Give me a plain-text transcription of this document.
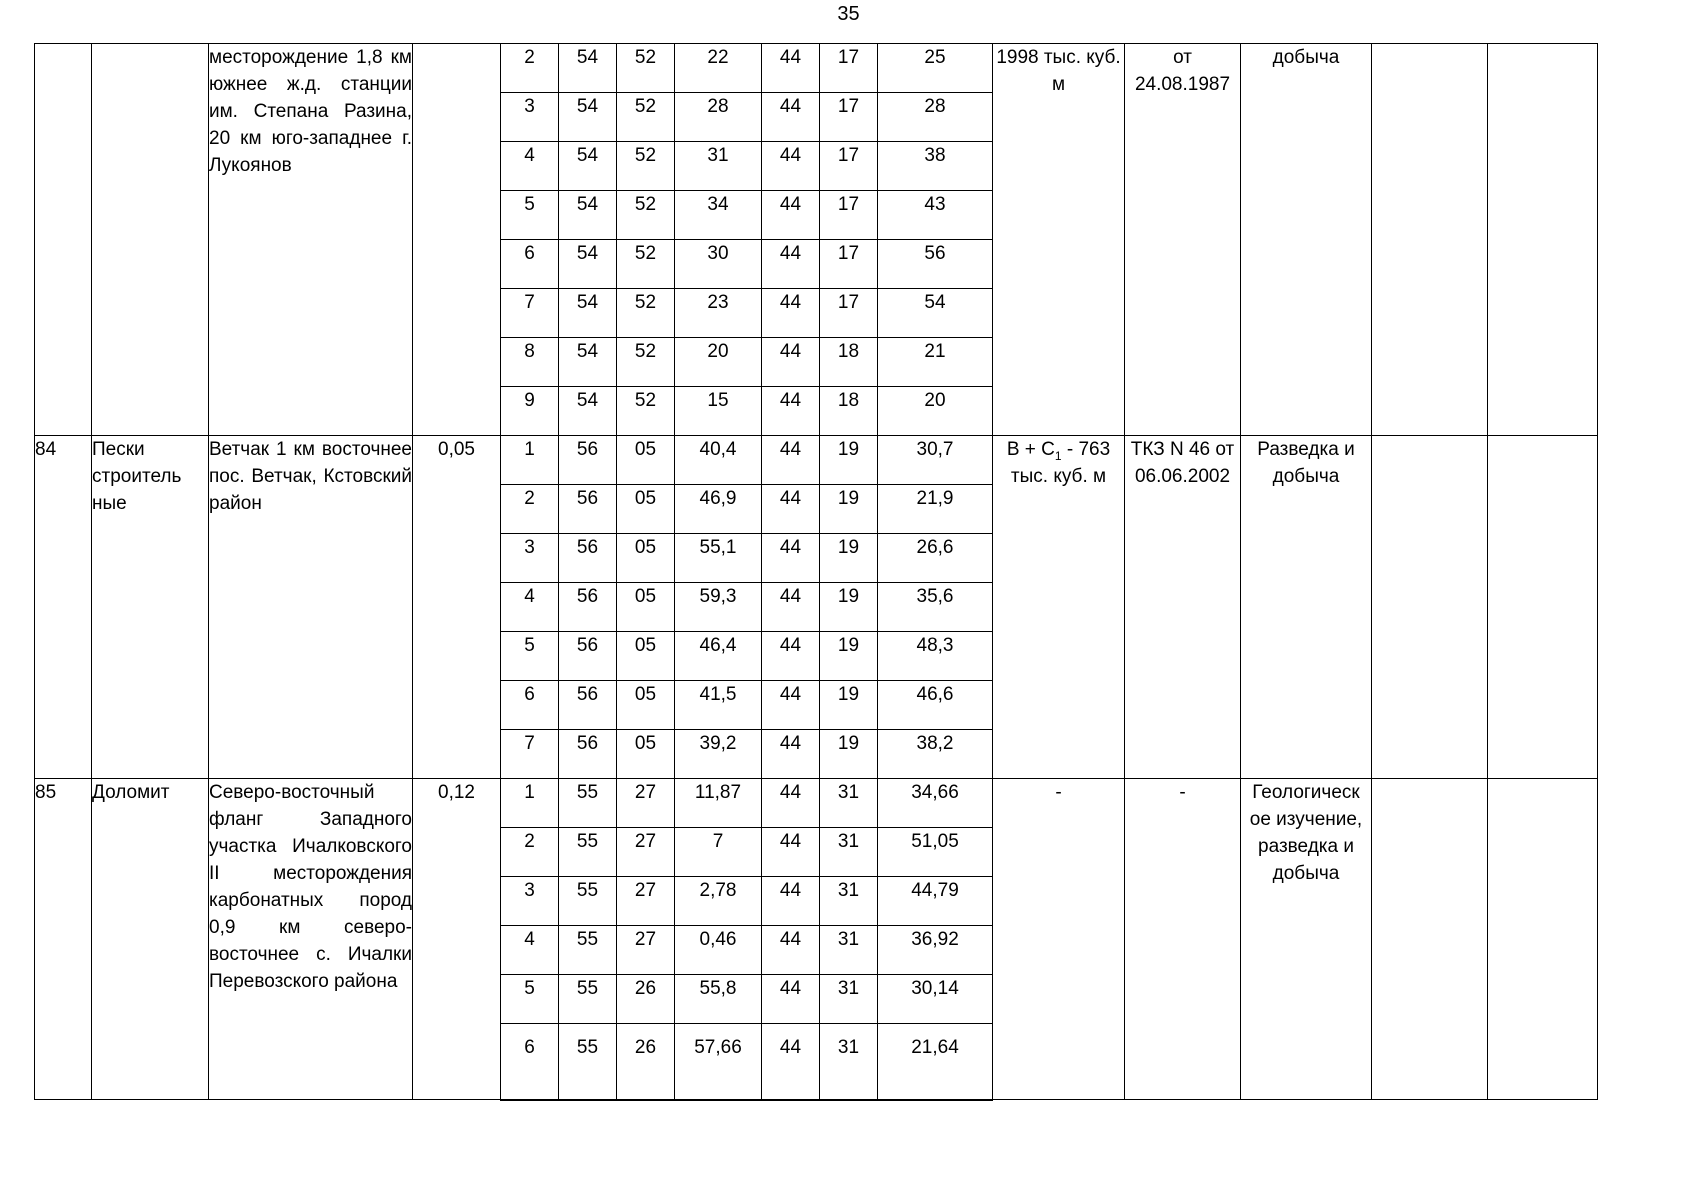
35
		месторождение 1,8 км южнее ж.д. станции им. Степана Разина, 20 км юго-западнее г. Лукоянов		2	54	52	22	44	17	25	1998 тыс. куб. м	от 24.08.1987	добыча		
				3	54	52	28	44	17	28					
				4	54	52	31	44	17	38					
				5	54	52	34	44	17	43					
				6	54	52	30	44	17	56					
				7	54	52	23	44	17	54					
				8	54	52	20	44	18	21					
				9	54	52	15	44	18	20					
84	Пески строитель ные	Ветчак 1 км восточнее пос. Ветчак, Кстовский район	0,05	1	56	05	40,4	44	19	30,7	$B + C_1 - 763$ тыс. куб. м	ТКЗ N 46 от 06.06.2002	Разведка и добыча		
				2	56	05	46,9	44	19	21,9					
				3	56	05	55,1	44	19	26,6					
				4	56	05	59,3	44	19	35,6					
				5	56	05	46,4	44	19	48,3					
				6	56	05	41,5	44	19	46,6					
				7	56	05	39,2	44	19	38,2					
85	Доломит	Северо-восточный фланг Западного участка Ичалковского II месторождения карбонатных пород 0,9 км северо-восточнее с. Ичалки Перевозского района	0,12	1	55	27	11,87	44	31	34,66	-	-	Геологическ ое изучение, разведка и добыча		
				2	55	27	7	44	31	51,05					
				3	55	27	2,78	44	31	44,79					
				4	55	27	0,46	44	31	36,92					
				5	55	26	55,8	44	31	30,14					
				6	55	26	57,66	44	31	21,64					
